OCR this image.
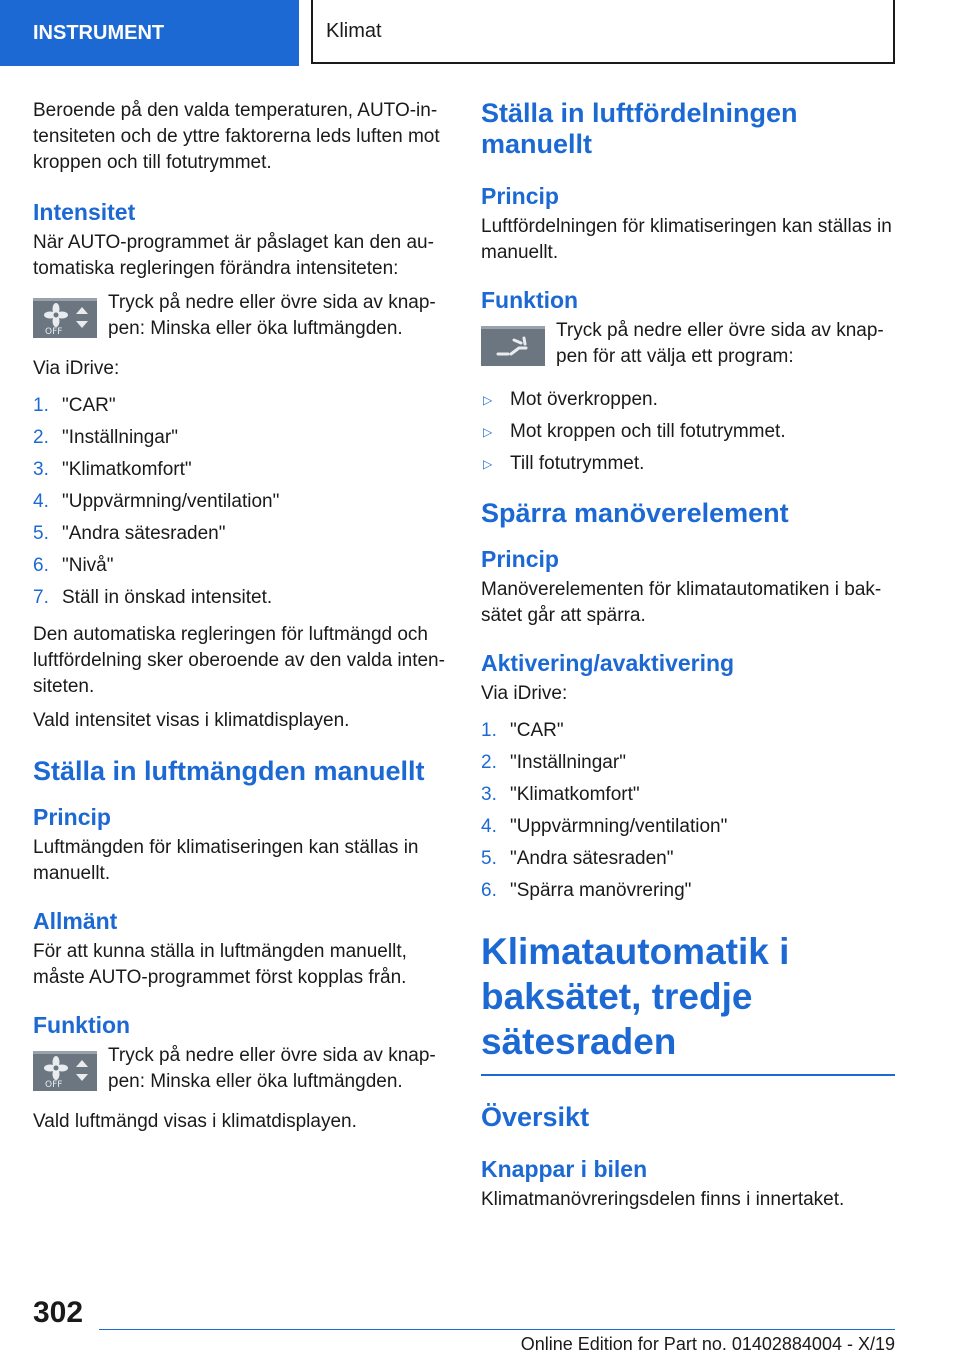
INSTRUMENT	Klimat

Beroende på den valda temperaturen, AUTO-intensiteten och de yttre faktorerna leds luften mot kroppen och till fotutrymmet.

Intensitet

När AUTO-programmet är påslaget kan den automatiska regleringen förändra intensiteten:

OFF
Tryck på nedre eller övre sida av knappen: Minska eller öka luftmängden.

Via iDrive:

1. "CAR"
2. "Inställningar"
3. "Klimatkomfort"
4. "Uppvärmning/ventilation"
5. "Andra sätesraden"
6. "Nivå"
7. Ställ in önskad intensitet.

Den automatiska regleringen för luftmängd och luftfördelning sker oberoende av den valda intensiteten.

Vald intensitet visas i klimatdisplayen.

Ställa in luftmängden manuellt
Princip

Luftmängden för klimatiseringen kan ställas in manuellt.

Allmänt

För att kunna ställa in luftmängden manuellt, måste AUTO-programmet först kopplas från.

Funktion
OFF
Tryck på nedre eller övre sida av knappen: Minska eller öka luftmängden.

Vald luftmängd visas i klimatdisplayen.

Ställa in luftfördelningen manuellt
Princip

Luftfördelningen för klimatiseringen kan ställas in manuellt.

Funktion
Tryck på nedre eller övre sida av knappen för att välja ett program:
▷ Mot överkroppen.
▷ Mot kroppen och till fotutrymmet.
▷ Till fotutrymmet.
Spärra manöverelement
Princip

Manöverelementen för klimatautomatiken i baksätet går att spärra.

Aktivering/avaktivering

Via iDrive:

1. "CAR"
2. "Inställningar"
3. "Klimatkomfort"
4. "Uppvärmning/ventilation"
5. "Andra sätesraden"
6. "Spärra manövrering"
Klimatautomatik i baksätet, tredje sätesraden
Översikt
Knappar i bilen

Klimatmanövreringsdelen finns i innertaket.

302
Online Edition for Part no. 01402884004 - X/19
